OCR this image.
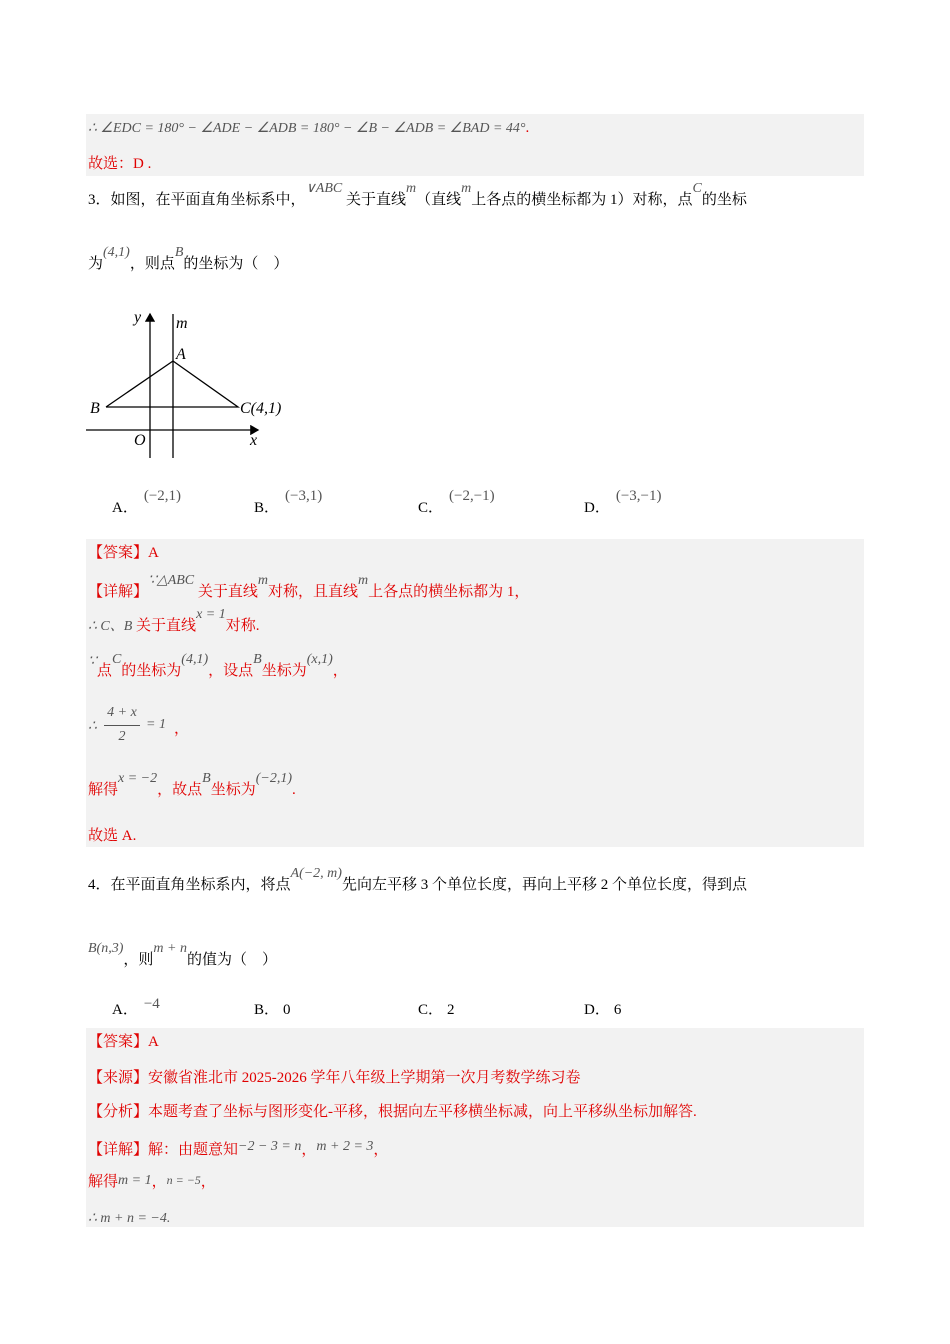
∴ ∠EDC = 180° − ∠ADE − ∠ADB = 180° − ∠B − ∠ADB = ∠BAD = 44°.
故选：D .
3．如图，在平面直角坐标系中，∨ABC 关于直线m（直线m上各点的横坐标都为 1）对称，点C的坐标
为(4,1)，则点B的坐标为（　）
y m
A
B	C(4,1)
O	x
A．(−2,1)
B．(−3,1)
C．(−2,−1)
D．(−3,−1)
【答案】A
【详解】∵△ABC 关于直线m对称，且直线m上各点的横坐标都为 1，
∴ C、B 关于直线x = 1对称.
∵点C的坐标为(4,1)，设点B坐标为(x,1)，
∴
4 + x
2
= 1 ，
解得x = −2，故点B坐标为(−2,1).
故选 A.
4．在平面直角坐标系内，将点A(−2, m)先向左平移 3 个单位长度，再向上平移 2 个单位长度，得到点
B(n,3)，则m + n的值为（　）
A． −4	B． 0	C． 2	D． 6
【答案】A
【来源】安徽省淮北市 2025-2026 学年八年级上学期第一次月考数学练习卷
【分析】本题考查了坐标与图形变化-平移，根据向左平移横坐标减，向上平移纵坐标加解答.
【详解】解：由题意知−2 − 3 = n，m + 2 = 3，
解得m = 1，n = −5，
∴ m + n = −4.
